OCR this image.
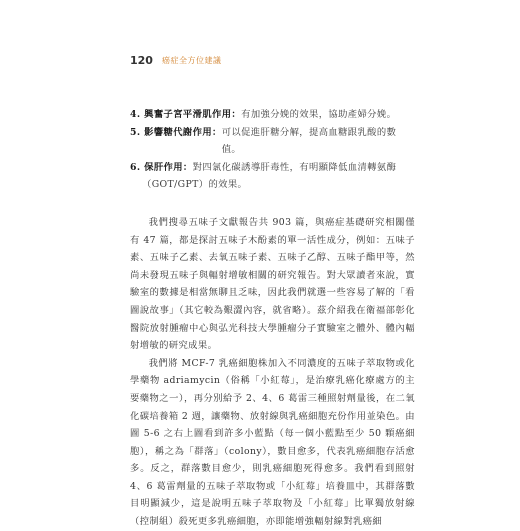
120 癌症全方位建議

4. 興奮子宮平滑肌作用： 有加強分娩的效果，協助產婦分娩。

5. 影響糖代謝作用： 可以促進肝糖分解，提高血糖跟乳酸的數值。

6. 保肝作用： 對四氯化碳誘導肝毒性，有明顯降低血清轉氨酶

（GOT/GPT）的效果。

我們搜尋五味子文獻報告共 903 篇，與癌症基礎研究相關僅有 47 篇，都是探討五味子木酚素的單一活性成分，例如：五味子素、五味子乙素、去氧五味子素、五味子乙醇、五味子酯甲等，然尚未發現五味子與輻射增敏相關的研究報告。對大眾讀者來說，實驗室的數據是相當無聊且乏味，因此我們就選一些容易了解的「看圖說故事」（其它較為艱澀內容，就省略）。茲介紹我在衛福部彰化醫院放射腫瘤中心與弘光科技大學腫瘤分子實驗室之體外、體內輻射增敏的研究成果。

我們將 MCF-7 乳癌細胞株加入不同濃度的五味子萃取物或化學藥物 adriamycin（俗稱「小紅莓」，是治療乳癌化療處方的主要藥物之一），再分別給予 2、4、6 葛雷三種照射劑量後，在二氧化碳培養箱 2 週，讓藥物、放射線與乳癌細胞充份作用並染色。由圖 5-6 之右上圖看到許多小藍點（每一個小藍點至少 50 顆癌細胞），稱之為「群落」（colony），數目愈多，代表乳癌細胞存活愈多。反之，群落數目愈少，則乳癌細胞死得愈多。我們看到照射 4、6 葛雷劑量的五味子萃取物或「小紅莓」培養皿中，其群落數目明顯減少，這是說明五味子萃取物及「小紅莓」比單獨放射線（控制組）殺死更多乳癌細胞，亦即能增強輻射線對乳癌細
